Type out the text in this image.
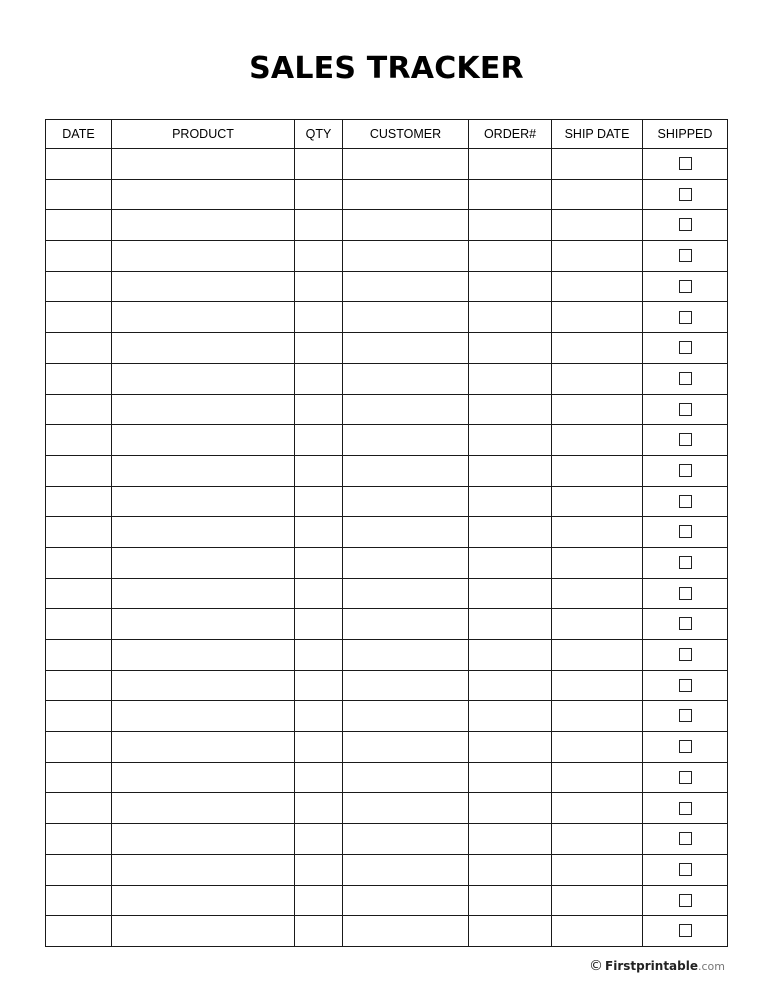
SALES TRACKER
DATE	PRODUCT	QTY	CUSTOMER	ORDER#	SHIP DATE	SHIPPED

© Firstprintable .com
